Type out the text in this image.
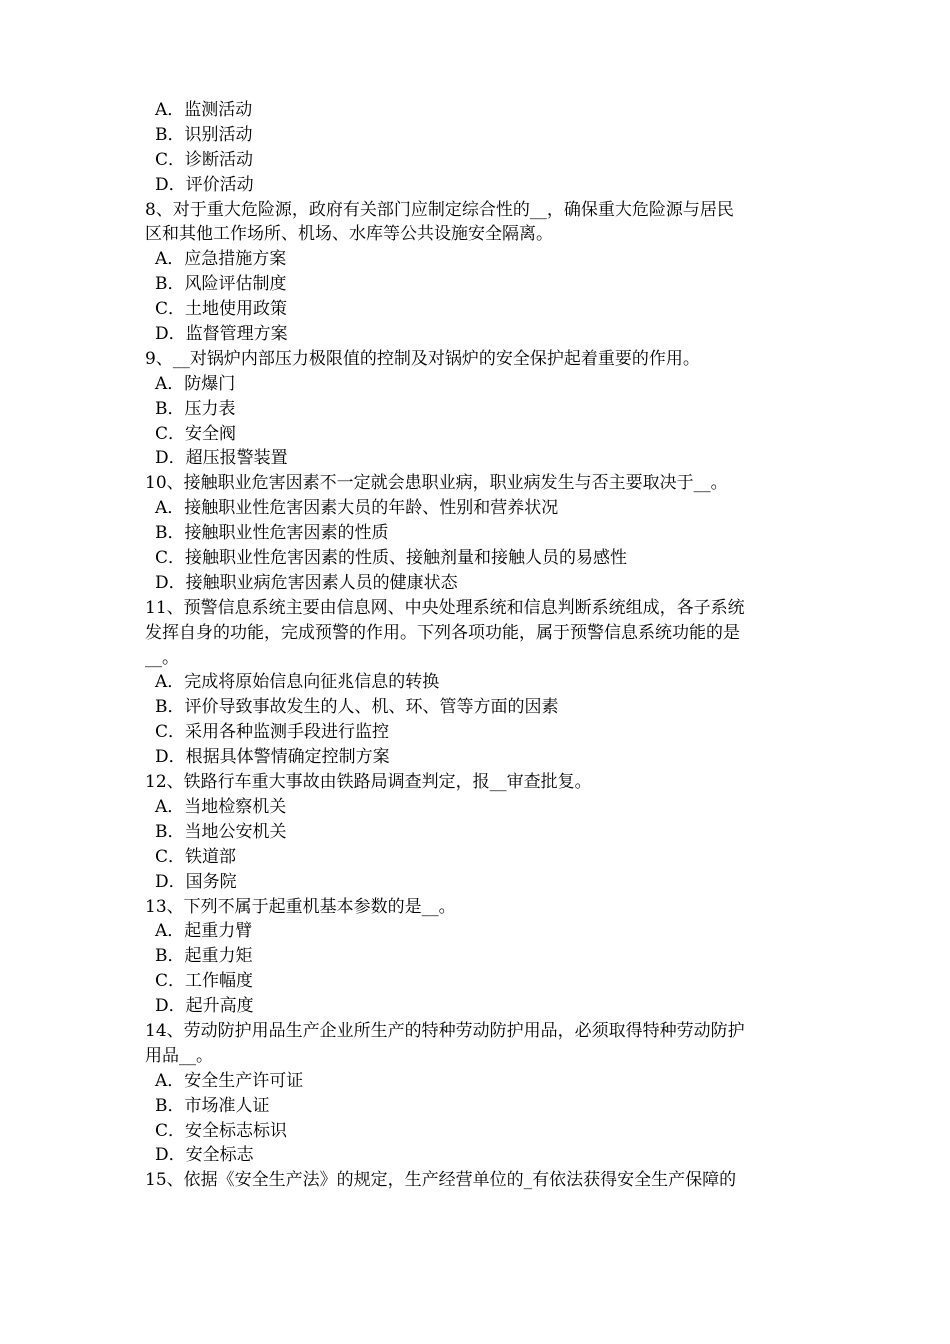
A．监测活动
B．识别活动
C．诊断活动
D．评价活动
8、对于重大危险源，政府有关部门应制定综合性的__，确保重大危险源与居民
区和其他工作场所、机场、水库等公共设施安全隔离。
A．应急措施方案
B．风险评估制度
C．土地使用政策
D．监督管理方案
9、__对锅炉内部压力极限值的控制及对锅炉的安全保护起着重要的作用。
A．防爆门
B．压力表
C．安全阀
D．超压报警装置
10、接触职业危害因素不一定就会患职业病，职业病发生与否主要取决于__。
A．接触职业性危害因素大员的年龄、性别和营养状况
B．接触职业性危害因素的性质
C．接触职业性危害因素的性质、接触剂量和接触人员的易感性
D．接触职业病危害因素人员的健康状态
11、预警信息系统主要由信息网、中央处理系统和信息判断系统组成，各子系统
发挥自身的功能，完成预警的作用。下列各项功能，属于预警信息系统功能的是
__。
A．完成将原始信息向征兆信息的转换
B．评价导致事故发生的人、机、环、管等方面的因素
C．采用各种监测手段进行监控
D．根据具体警情确定控制方案
12、铁路行车重大事故由铁路局调查判定，报__审查批复。
A．当地检察机关
B．当地公安机关
C．铁道部
D．国务院
13、下列不属于起重机基本参数的是__。
A．起重力臂
B．起重力矩
C．工作幅度
D．起升高度
14、劳动防护用品生产企业所生产的特种劳动防护用品，必须取得特种劳动防护
用品__。
A．安全生产许可证
B．市场准人证
C．安全标志标识
D．安全标志
15、依据《安全生产法》的规定，生产经营单位的_有依法获得安全生产保障的
